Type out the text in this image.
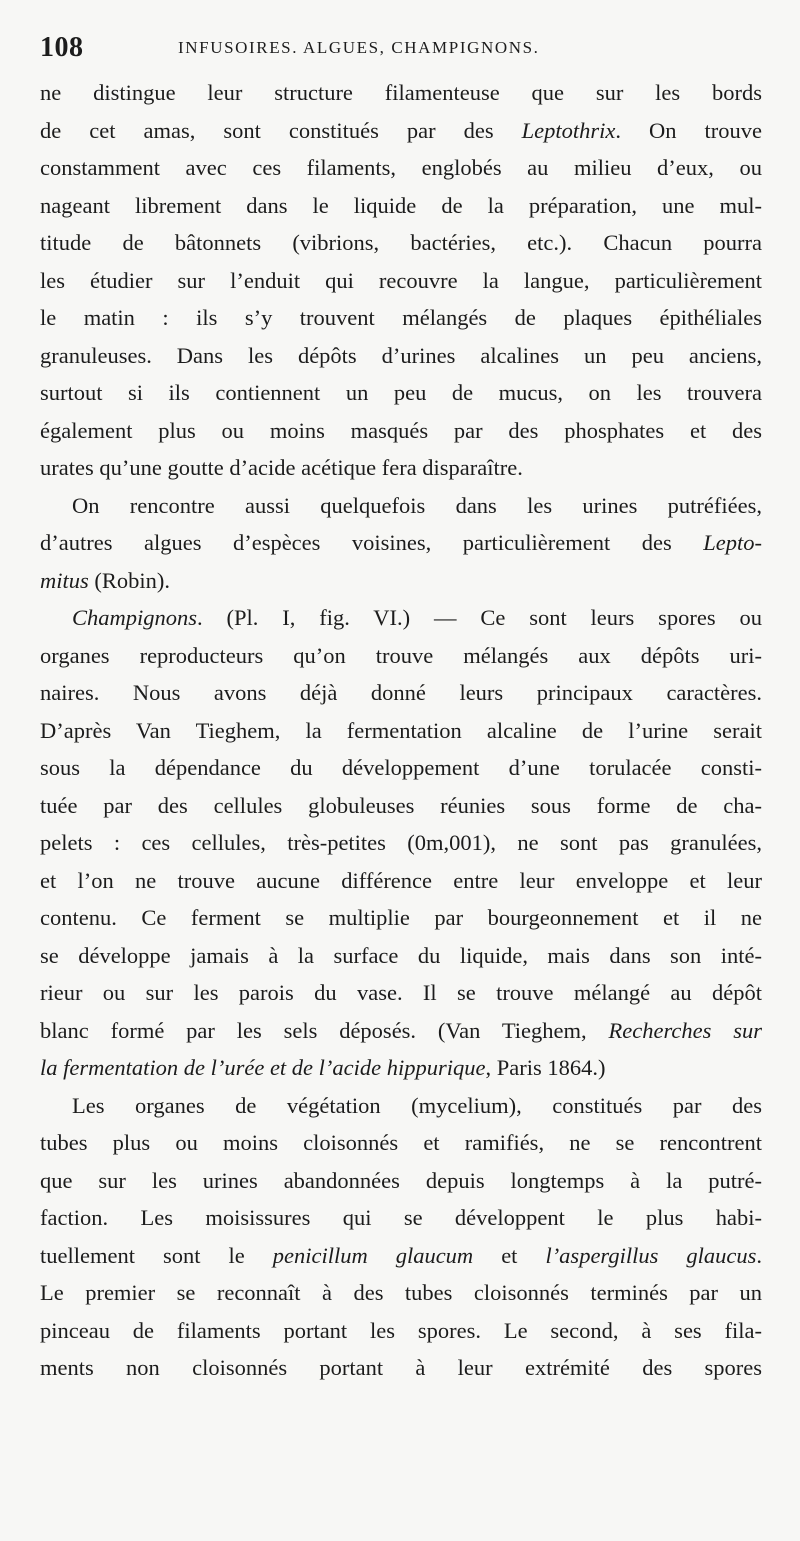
108	INFUSOIRES. ALGUES, CHAMPIGNONS.
ne distingue leur structure filamenteuse que sur les bords
de cet amas, sont constitués par des Leptothrix. On trouve
constamment avec ces filaments, englobés au milieu d’eux, ou
nageant librement dans le liquide de la préparation, une mul-
titude de bâtonnets (vibrions, bactéries, etc.). Chacun pourra
les étudier sur l’enduit qui recouvre la langue, particulièrement
le matin : ils s’y trouvent mélangés de plaques épithéliales
granuleuses. Dans les dépôts d’urines alcalines un peu anciens,
surtout si ils contiennent un peu de mucus, on les trouvera
également plus ou moins masqués par des phosphates et des
urates qu’une goutte d’acide acétique fera disparaître.
On rencontre aussi quelquefois dans les urines putréfiées,
d’autres algues d’espèces voisines, particulièrement des Lepto-
mitus (Robin).
Champignons. (Pl. I, fig. VI.) — Ce sont leurs spores ou
organes reproducteurs qu’on trouve mélangés aux dépôts uri-
naires. Nous avons déjà donné leurs principaux caractères.
D’après Van Tieghem, la fermentation alcaline de l’urine serait
sous la dépendance du développement d’une torulacée consti-
tuée par des cellules globuleuses réunies sous forme de cha-
pelets : ces cellules, très-petites (0m,001), ne sont pas granulées,
et l’on ne trouve aucune différence entre leur enveloppe et leur
contenu. Ce ferment se multiplie par bourgeonnement et il ne
se développe jamais à la surface du liquide, mais dans son inté-
rieur ou sur les parois du vase. Il se trouve mélangé au dépôt
blanc formé par les sels déposés. (Van Tieghem, Recherches sur
la fermentation de l’urée et de l’acide hippurique, Paris 1864.)
Les organes de végétation (mycelium), constitués par des
tubes plus ou moins cloisonnés et ramifiés, ne se rencontrent
que sur les urines abandonnées depuis longtemps à la putré-
faction. Les moisissures qui se développent le plus habi-
tuellement sont le penicillum glaucum et l’aspergillus glaucus.
Le premier se reconnaît à des tubes cloisonnés terminés par un
pinceau de filaments portant les spores. Le second, à ses fila-
ments non cloisonnés portant à leur extrémité des spores
